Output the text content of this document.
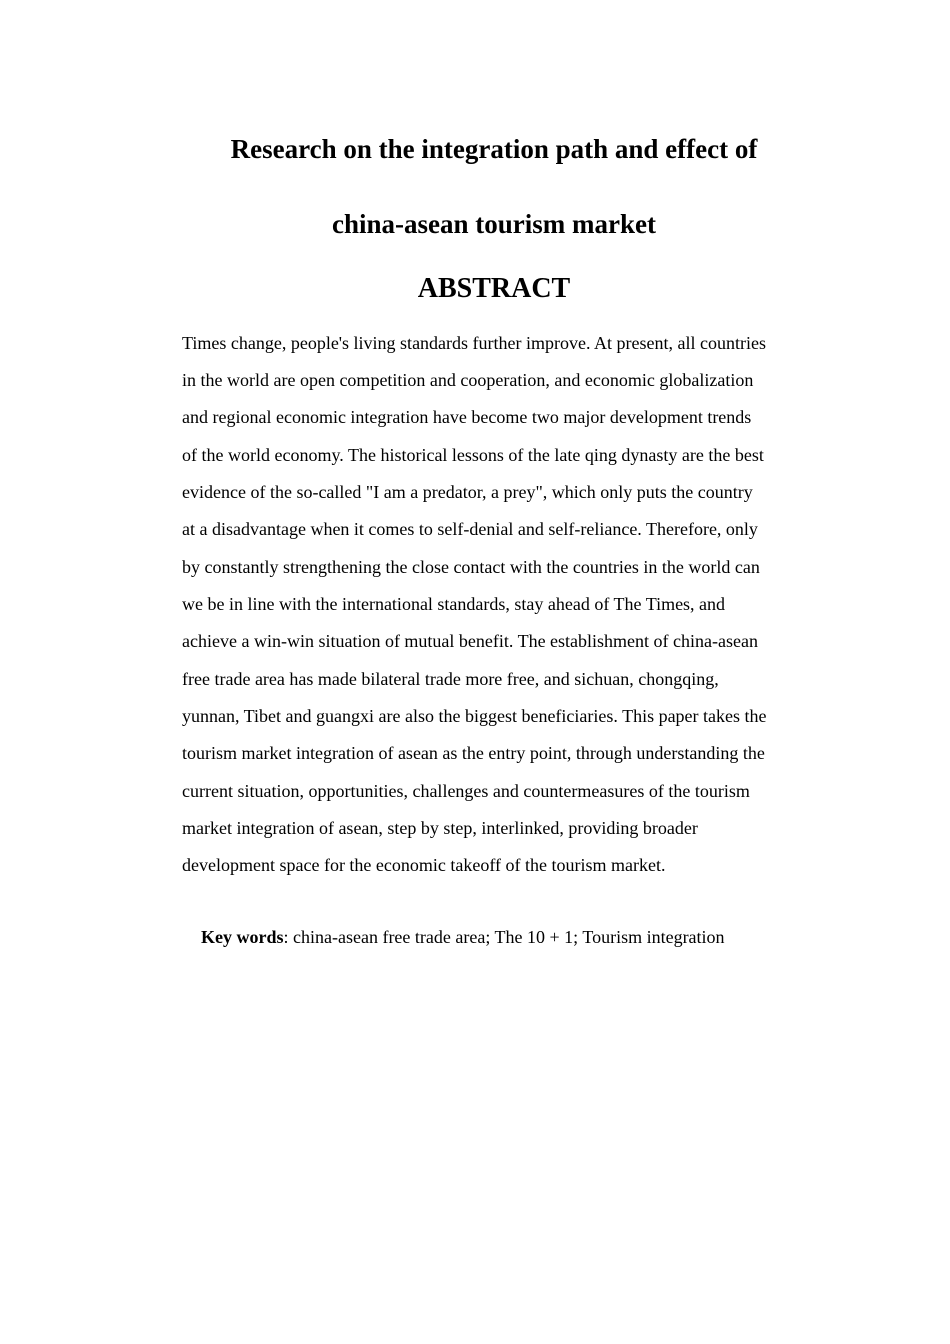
Research on the integration path and effect of
china-asean tourism market
ABSTRACT
Times change, people's living standards further improve. At present, all countries
in the world are open competition and cooperation, and economic globalization
and regional economic integration have become two major development trends
of the world economy. The historical lessons of the late qing dynasty are the best
evidence of the so-called "I am a predator, a prey", which only puts the country
at a disadvantage when it comes to self-denial and self-reliance. Therefore, only
by constantly strengthening the close contact with the countries in the world can
we be in line with the international standards, stay ahead of The Times, and
achieve a win-win situation of mutual benefit. The establishment of china-asean
free trade area has made bilateral trade more free, and sichuan, chongqing,
yunnan, Tibet and guangxi are also the biggest beneficiaries. This paper takes the
tourism market integration of asean as the entry point, through understanding the
current situation, opportunities, challenges and countermeasures of the tourism
market integration of asean, step by step, interlinked, providing broader
development space for the economic takeoff of the tourism market.
Key words: china-asean free trade area; The 10 + 1; Tourism integration
